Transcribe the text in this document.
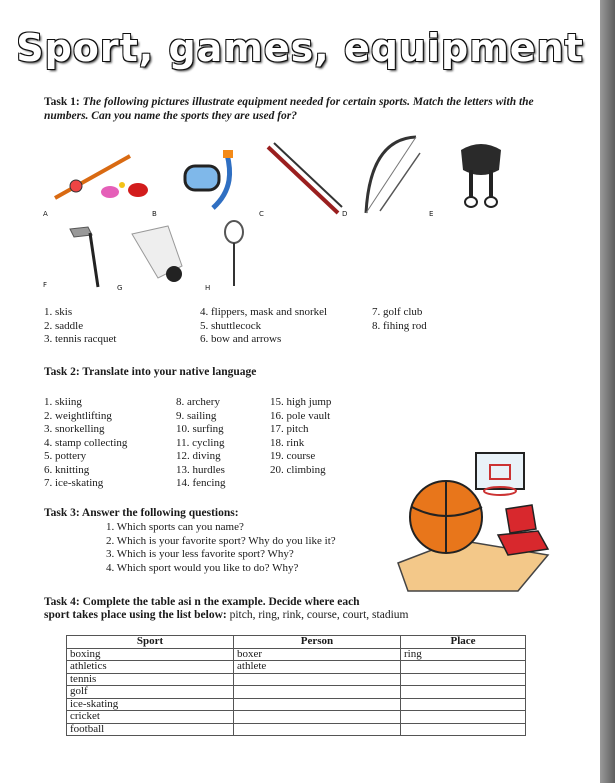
Sport, games, equipment
Task 1: The following pictures illustrate equipment needed for certain sports. Match the letters with the numbers. Can you name the sports they are used for?
A	B	C	D	E
F	G	H
1. skis
2. saddle
3. tennis racquet
4. flippers, mask and snorkel
5. shuttlecock
6. bow and arrows
7. golf club
8. fihing rod
Task 2: Translate into your native language
1. skiing
2. weightlifting
3. snorkelling
4. stamp collecting
5. pottery
6. knitting
7. ice-skating
8. archery
9. sailing
10. surfing
11. cycling
12. diving
13. hurdles
14. fencing
15. high jump
16. pole vault
17. pitch
18. rink
19. course
20. climbing
Task 3: Answer the following questions:
1. Which sports can you name?
2. Which is your favorite sport? Why do you like it?
3. Which is your less favorite sport? Why?
4. Which sport would you like to do? Why?
Task 4: Complete the table asi n the example. Decide where each
sport takes place using the list below: pitch, ring, rink, course, court, stadium
Sport	Person	Place
boxing	boxer	ring
athletics	athlete	
tennis		
golf		
ice-skating		
cricket		
football		
